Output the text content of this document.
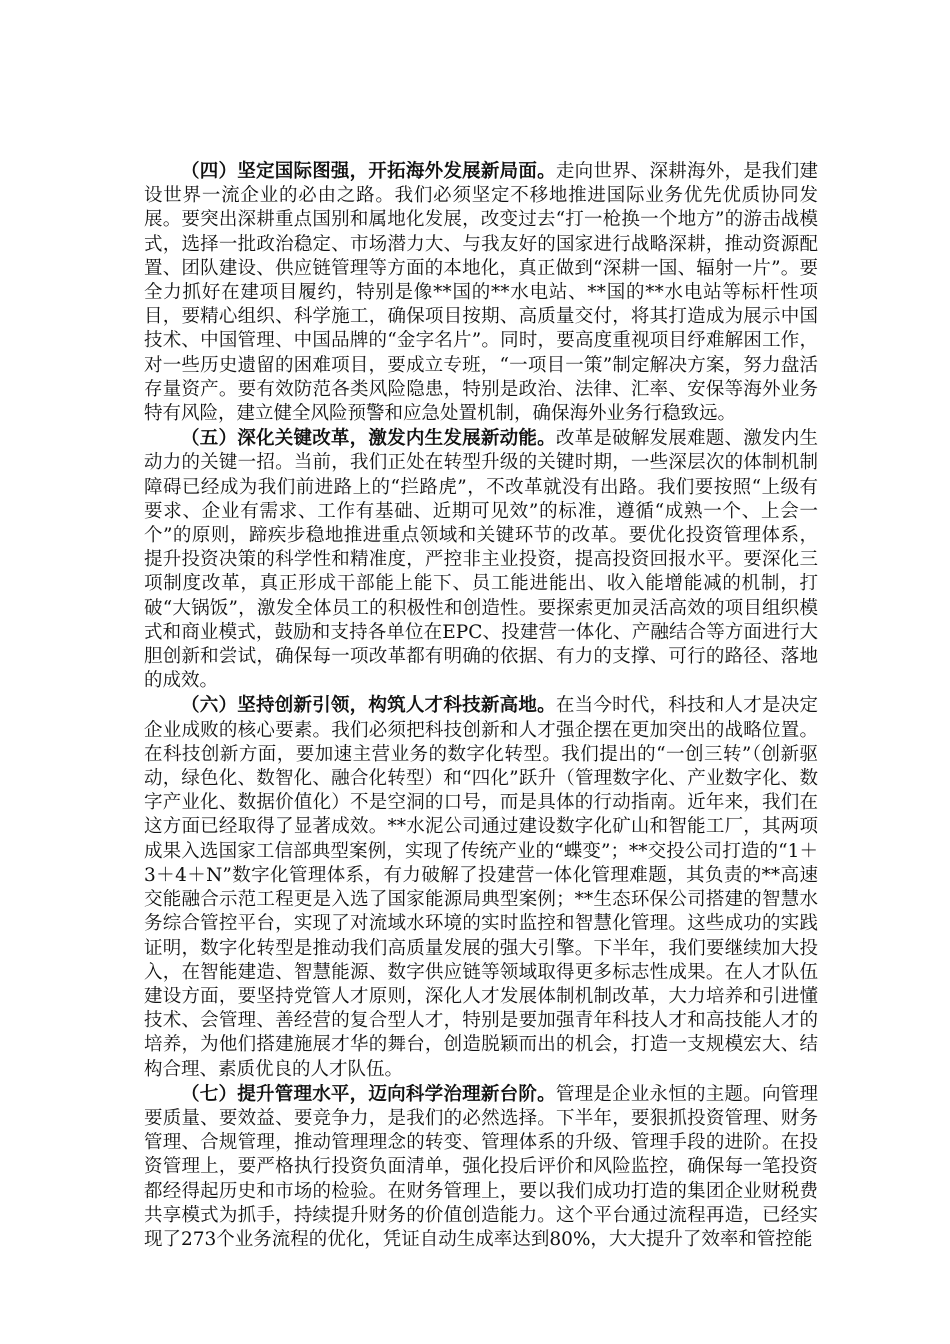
（四）坚定国际图强，开拓海外发展新局面。走向世界、深耕海外，是我们建设世界一流企业的必由之路。我们必须坚定不移地推进国际业务优先优质协同发展。要突出深耕重点国别和属地化发展，改变过去“打一枪换一个地方”的游击战模式，选择一批政治稳定、市场潜力大、与我友好的国家进行战略深耕，推动资源配置、团队建设、供应链管理等方面的本地化，真正做到“深耕一国、辐射一片”。要全力抓好在建项目履约，特别是像**国的**水电站、**国的**水电站等标杆性项目，要精心组织、科学施工，确保项目按期、高质量交付，将其打造成为展示中国技术、中国管理、中国品牌的“金字名片”。同时，要高度重视项目纾难解困工作，对一些历史遗留的困难项目，要成立专班，“一项目一策”制定解决方案，努力盘活存量资产。要有效防范各类风险隐患，特别是政治、法律、汇率、安保等海外业务特有风险，建立健全风险预警和应急处置机制，确保海外业务行稳致远。

（五）深化关键改革，激发内生发展新动能。改革是破解发展难题、激发内生动力的关键一招。当前，我们正处在转型升级的关键时期，一些深层次的体制机制障碍已经成为我们前进路上的“拦路虎”，不改革就没有出路。我们要按照“上级有要求、企业有需求、工作有基础、近期可见效”的标准，遵循“成熟一个、上会一个”的原则，蹄疾步稳地推进重点领域和关键环节的改革。要优化投资管理体系，提升投资决策的科学性和精准度，严控非主业投资，提高投资回报水平。要深化三项制度改革，真正形成干部能上能下、员工能进能出、收入能增能减的机制，打破“大锅饭”，激发全体员工的积极性和创造性。要探索更加灵活高效的项目组织模式和商业模式，鼓励和支持各单位在EPC、投建营一体化、产融结合等方面进行大胆创新和尝试，确保每一项改革都有明确的依据、有力的支撑、可行的路径、落地的成效。

（六）坚持创新引领，构筑人才科技新高地。在当今时代，科技和人才是决定企业成败的核心要素。我们必须把科技创新和人才强企摆在更加突出的战略位置。在科技创新方面，要加速主营业务的数字化转型。我们提出的“一创三转”（创新驱动，绿色化、数智化、融合化转型）和“四化”跃升（管理数字化、产业数字化、数字产业化、数据价值化）不是空洞的口号，而是具体的行动指南。近年来，我们在这方面已经取得了显著成效。**水泥公司通过建设数字化矿山和智能工厂，其两项成果入选国家工信部典型案例，实现了传统产业的“蝶变”；**交投公司打造的“1＋3＋4＋N”数字化管理体系，有力破解了投建营一体化管理难题，其负责的**高速交能融合示范工程更是入选了国家能源局典型案例；**生态环保公司搭建的智慧水务综合管控平台，实现了对流域水环境的实时监控和智慧化管理。这些成功的实践证明，数字化转型是推动我们高质量发展的强大引擎。下半年，我们要继续加大投入，在智能建造、智慧能源、数字供应链等领域取得更多标志性成果。在人才队伍建设方面，要坚持党管人才原则，深化人才发展体制机制改革，大力培养和引进懂技术、会管理、善经营的复合型人才，特别是要加强青年科技人才和高技能人才的培养，为他们搭建施展才华的舞台，创造脱颖而出的机会，打造一支规模宏大、结构合理、素质优良的人才队伍。

（七）提升管理水平，迈向科学治理新台阶。管理是企业永恒的主题。向管理要质量、要效益、要竞争力，是我们的必然选择。下半年，要狠抓投资管理、财务管理、合规管理，推动管理理念的转变、管理体系的升级、管理手段的进阶。在投资管理上，要严格执行投资负面清单，强化投后评价和风险监控，确保每一笔投资都经得起历史和市场的检验。在财务管理上，要以我们成功打造的集团企业财税费共享模式为抓手，持续提升财务的价值创造能力。这个平台通过流程再造，已经实现了273个业务流程的优化，凭证自动生成率达到80%，大大提升了效率和管控能
